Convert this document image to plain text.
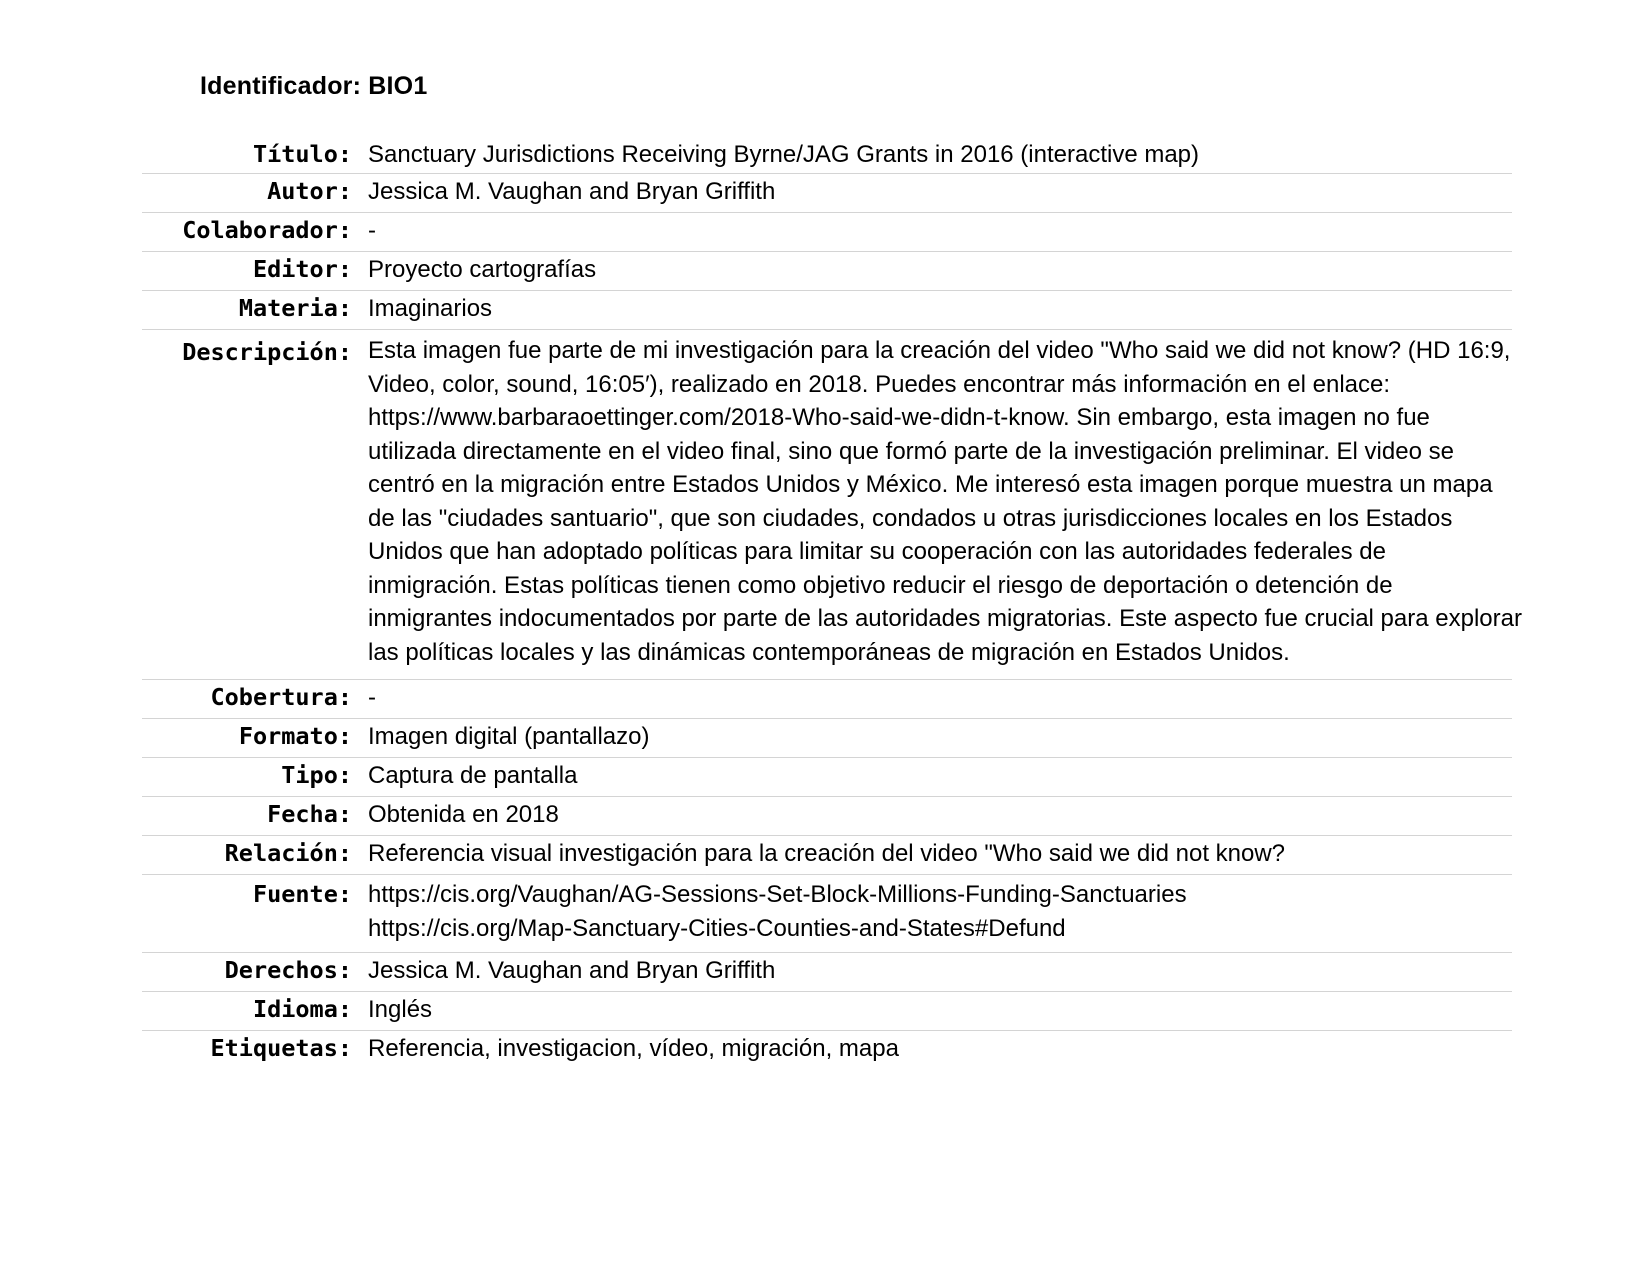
Identificador: BIO1
Título: Sanctuary Jurisdictions Receiving Byrne/JAG Grants in 2016 (interactive map)
Autor: Jessica M. Vaughan and Bryan Griffith
Colaborador: -
Editor: Proyecto cartografías
Materia: Imaginarios
Descripción: Esta imagen fue parte de mi investigación para la creación del video "Who said we did not know? (HD 16:9, Video, color, sound, 16:05′), realizado en 2018. Puedes encontrar más información en el enlace: https://www.barbaraoettinger.com/2018-Who-said-we-didn-t-know. Sin embargo, esta imagen no fue utilizada directamente en el video final, sino que formó parte de la investigación preliminar. El video se centró en la migración entre Estados Unidos y México. Me interesó esta imagen porque muestra un mapa de las "ciudades santuario", que son ciudades, condados u otras jurisdicciones locales en los Estados Unidos que han adoptado políticas para limitar su cooperación con las autoridades federales de inmigración. Estas políticas tienen como objetivo reducir el riesgo de deportación o detención de inmigrantes indocumentados por parte de las autoridades migratorias. Este aspecto fue crucial para explorar las políticas locales y las dinámicas contemporáneas de migración en Estados Unidos.
Cobertura: -
Formato: Imagen digital (pantallazo)
Tipo: Captura de pantalla
Fecha: Obtenida en 2018
Relación: Referencia visual investigación para la creación del video "Who said we did not know?
Fuente: https://cis.org/Vaughan/AG-Sessions-Set-Block-Millions-Funding-Sanctuaries
https://cis.org/Map-Sanctuary-Cities-Counties-and-States#Defund
Derechos: Jessica M. Vaughan and Bryan Griffith
Idioma: Inglés
Etiquetas: Referencia, investigacion, vídeo, migración, mapa
